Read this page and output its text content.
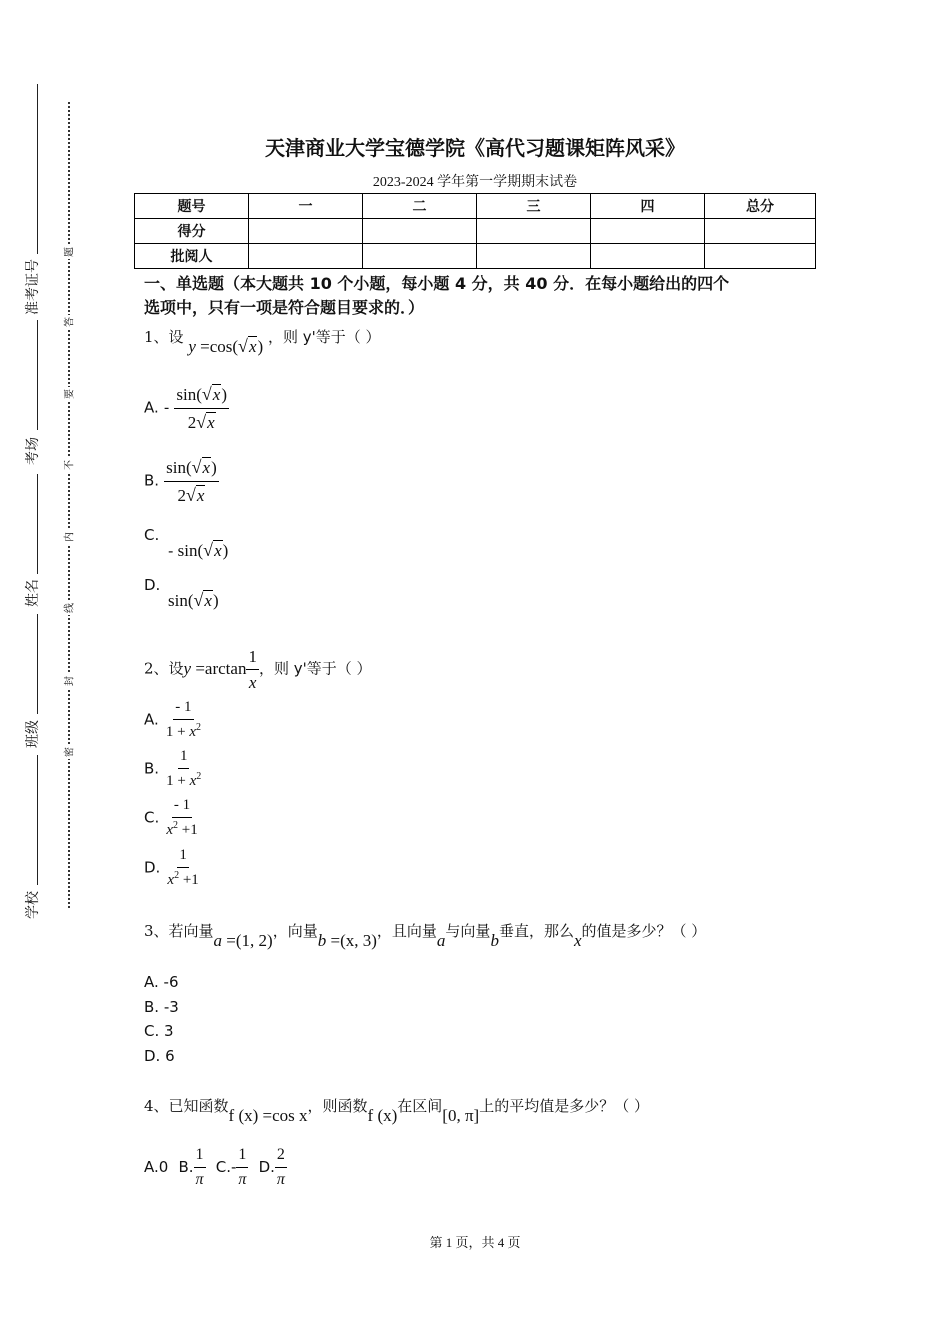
准考证号
考场
姓名
班级
学校
题
答
要
不
内
线
封
密
天津商业大学宝德学院《高代习题课矩阵风采》
2023-2024 学年第一学期期末试卷
题号	一	二	三	四	总分
得分					
批阅人					
一、单选题（本大题共 10 个小题，每小题 4 分，共 40 分．在每小题给出的四个
选项中，只有一项是符合题目要求的．）
1、设 y =cos(√x) ，则 y'等于（ ）
A. - $\frac{\sin(√x)}{2√x}$
B. $\frac{\sin(√x)}{2√x}$
C.
- sin(√x)
D.
sin(√x)
2、设$y =\arctan \frac{1}{x}$ ，则 y'等于（ ）
A. $\frac{- 1}{1 + x^2}$
B. $\frac{1}{1 + x^2}$
C. $\frac{- 1}{x^2 +1}$
D. $\frac{1}{x^2 +1}$
3、若向量a =(1, 2)，向量b =(x, 3)，且向量a与向量b垂直，那么x的值是多少？（ ）
A. -6
B. -3
C. 3
D. 6
4、已知函数f (x) =cos x，则函数f (x)在区间[0, π]上的平均值是多少？（ ）
A.0 B. $\frac{1}{\pi} C.- \frac{1}{\pi} D$. $\frac{2}{\pi}$
第 1 页，共 4 页
